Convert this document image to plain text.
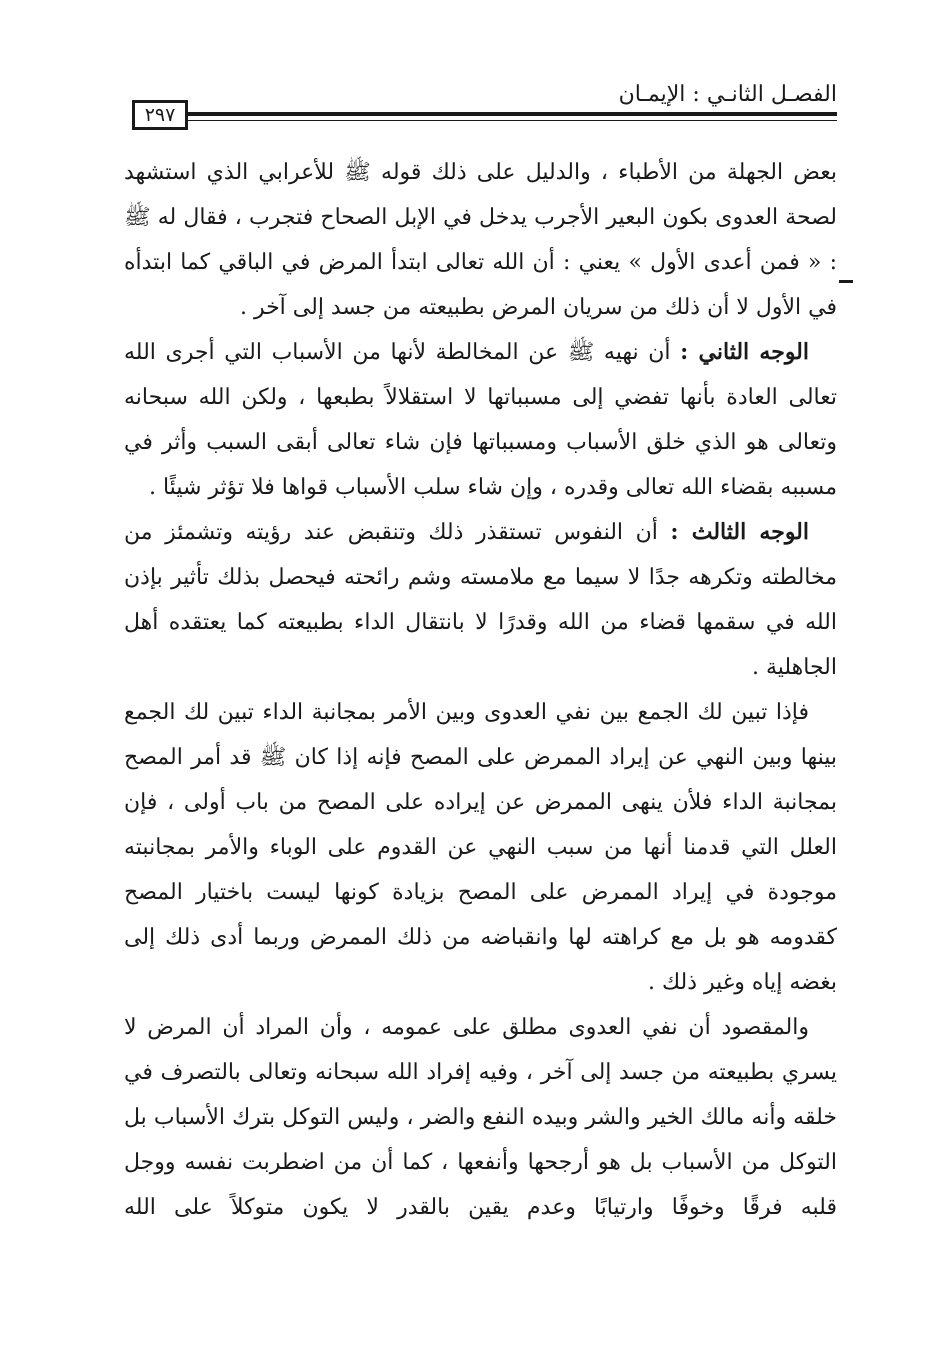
الفصـل الثانـي : الإيمـان
٢٩٧

بعض الجهلة من الأطباء ، والدليل على ذلك قوله ﷺ للأعرابي الذي استشهد لصحة العدوى بكون البعير الأجرب يدخل في الإبل الصحاح فتجرب ، فقال له ﷺ : « فمن أعدى الأول » يعني : أن الله تعالى ابتدأ المرض في الباقي كما ابتدأه في الأول لا أن ذلك من سريان المرض بطبيعته من جسد إلى آخر .

الوجه الثاني : أن نهيه ﷺ عن المخالطة لأنها من الأسباب التي أجرى الله تعالى العادة بأنها تفضي إلى مسبباتها لا استقلالاً بطبعها ، ولكن الله سبحانه وتعالى هو الذي خلق الأسباب ومسبباتها فإن شاء تعالى أبقى السبب وأثر في مسببه بقضاء الله تعالى وقدره ، وإن شاء سلب الأسباب قواها فلا تؤثر شيئًا .

الوجه الثالث : أن النفوس تستقذر ذلك وتنقبض عند رؤيته وتشمئز من مخالطته وتكرهه جدًا لا سيما مع ملامسته وشم رائحته فيحصل بذلك تأثير بإذن الله في سقمها قضاء من الله وقدرًا لا بانتقال الداء بطبيعته كما يعتقده أهل الجاهلية .

فإذا تبين لك الجمع بين نفي العدوى وبين الأمر بمجانبة الداء تبين لك الجمع بينها وبين النهي عن إيراد الممرض على المصح فإنه إذا كان ﷺ قد أمر المصح بمجانبة الداء فلأن ينهى الممرض عن إيراده على المصح من باب أولى ، فإن العلل التي قدمنا أنها من سبب النهي عن القدوم على الوباء والأمر بمجانبته موجودة في إيراد الممرض على المصح بزيادة كونها ليست باختيار المصح كقدومه هو بل مع كراهته لها وانقباضه من ذلك الممرض وربما أدى ذلك إلى بغضه إياه وغير ذلك .

والمقصود أن نفي العدوى مطلق على عمومه ، وأن المراد أن المرض لا يسري بطبيعته من جسد إلى آخر ، وفيه إفراد الله سبحانه وتعالى بالتصرف في خلقه وأنه مالك الخير والشر وبيده النفع والضر ، وليس التوكل بترك الأسباب بل التوكل من الأسباب بل هو أرجحها وأنفعها ، كما أن من اضطربت نفسه ووجل قلبه فرقًا وخوفًا وارتيابًا وعدم يقين بالقدر لا يكون متوكلاً على الله
